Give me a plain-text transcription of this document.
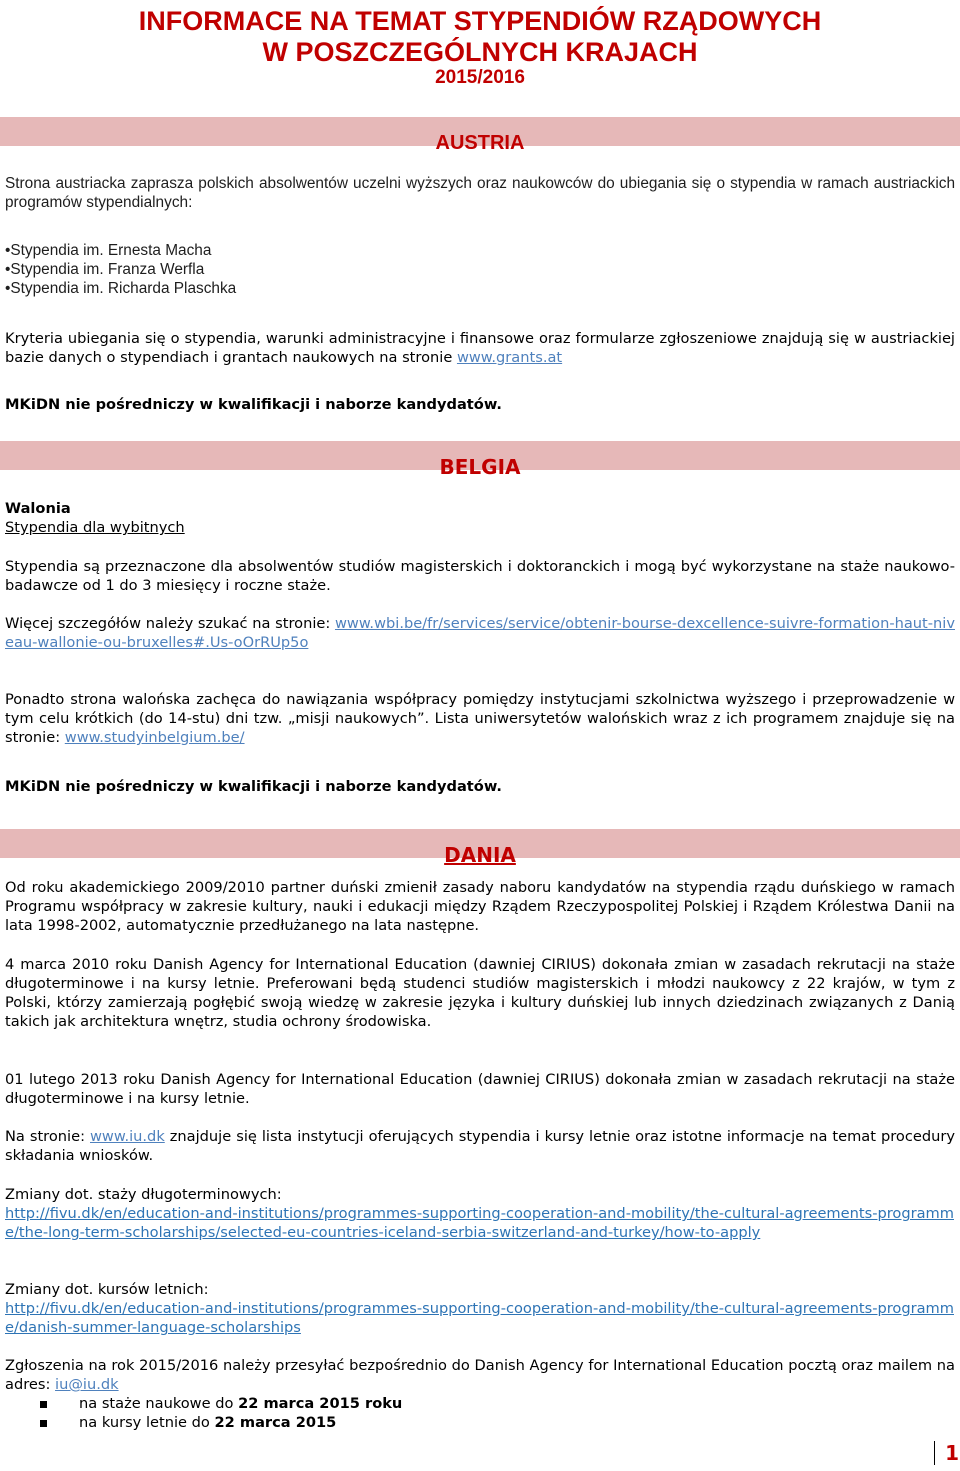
INFORMACE NA TEMAT STYPENDIÓW RZĄDOWYCH
W POSZCZEGÓLNYCH KRAJACH
2015/2016
AUSTRIA
Strona austriacka zaprasza polskich absolwentów uczelni wyższych oraz naukowców do ubiegania się o stypendia w ramach austriackich programów stypendialnych:
•Stypendia im. Ernesta Macha
•Stypendia im. Franza Werfla
•Stypendia im. Richarda Plaschka
Kryteria ubiegania się o stypendia, warunki administracyjne i finansowe oraz formularze zgłoszeniowe znajdują się w austriackiej bazie danych o stypendiach i grantach naukowych na stronie www.grants.at
MKiDN nie pośredniczy w kwalifikacji i naborze kandydatów.
BELGIA
Walonia
Stypendia dla wybitnych
Stypendia są przeznaczone dla absolwentów studiów magisterskich i doktoranckich i mogą być wykorzystane na staże naukowo-badawcze od 1 do 3 miesięcy i roczne staże.
Więcej szczegółów należy szukać na stronie: www.wbi.be/fr/services/service/obtenir-bourse-dexcellence-suivre-formation-haut-niveau-wallonie-ou-bruxelles#.Us-oOrRUp5o
Ponadto strona walońska zachęca do nawiązania współpracy pomiędzy instytucjami szkolnictwa wyższego i przeprowadzenie w tym celu krótkich (do 14-stu) dni tzw. „misji naukowych”. Lista uniwersytetów walońskich wraz z ich programem znajduje się na stronie: www.studyinbelgium.be/
MKiDN nie pośredniczy w kwalifikacji i naborze kandydatów.
DANIA
Od roku akademickiego 2009/2010 partner duński zmienił zasady naboru kandydatów na stypendia rządu duńskiego w ramach Programu współpracy w zakresie kultury, nauki i edukacji między Rządem Rzeczypospolitej Polskiej i Rządem Królestwa Danii na lata 1998-2002, automatycznie przedłużanego na lata następne.
4 marca 2010 roku Danish Agency for International Education (dawniej CIRIUS) dokonała zmian w zasadach rekrutacji na staże długoterminowe i na kursy letnie. Preferowani będą studenci studiów magisterskich i młodzi naukowcy z 22 krajów, w tym z Polski, którzy zamierzają pogłębić swoją wiedzę w zakresie języka i kultury duńskiej lub innych dziedzinach związanych z Danią takich jak architektura wnętrz, studia ochrony środowiska.
01 lutego 2013 roku Danish Agency for International Education (dawniej CIRIUS) dokonała zmian w zasadach rekrutacji na staże długoterminowe i na kursy letnie.
Na stronie: www.iu.dk znajduje się lista instytucji oferujących stypendia i kursy letnie oraz istotne informacje na temat procedury składania wniosków.
Zmiany dot. staży długoterminowych:
http://fivu.dk/en/education-and-institutions/programmes-supporting-cooperation-and-mobility/the-cultural-agreements-programme/the-long-term-scholarships/selected-eu-countries-iceland-serbia-switzerland-and-turkey/how-to-apply
Zmiany dot. kursów letnich:
http://fivu.dk/en/education-and-institutions/programmes-supporting-cooperation-and-mobility/the-cultural-agreements-programme/danish-summer-language-scholarships
Zgłoszenia na rok 2015/2016 należy przesyłać bezpośrednio do Danish Agency for International Education pocztą oraz mailem na adres: iu@iu.dk
na staże naukowe do 22 marca 2015 roku
na kursy letnie do 22 marca 2015
1
